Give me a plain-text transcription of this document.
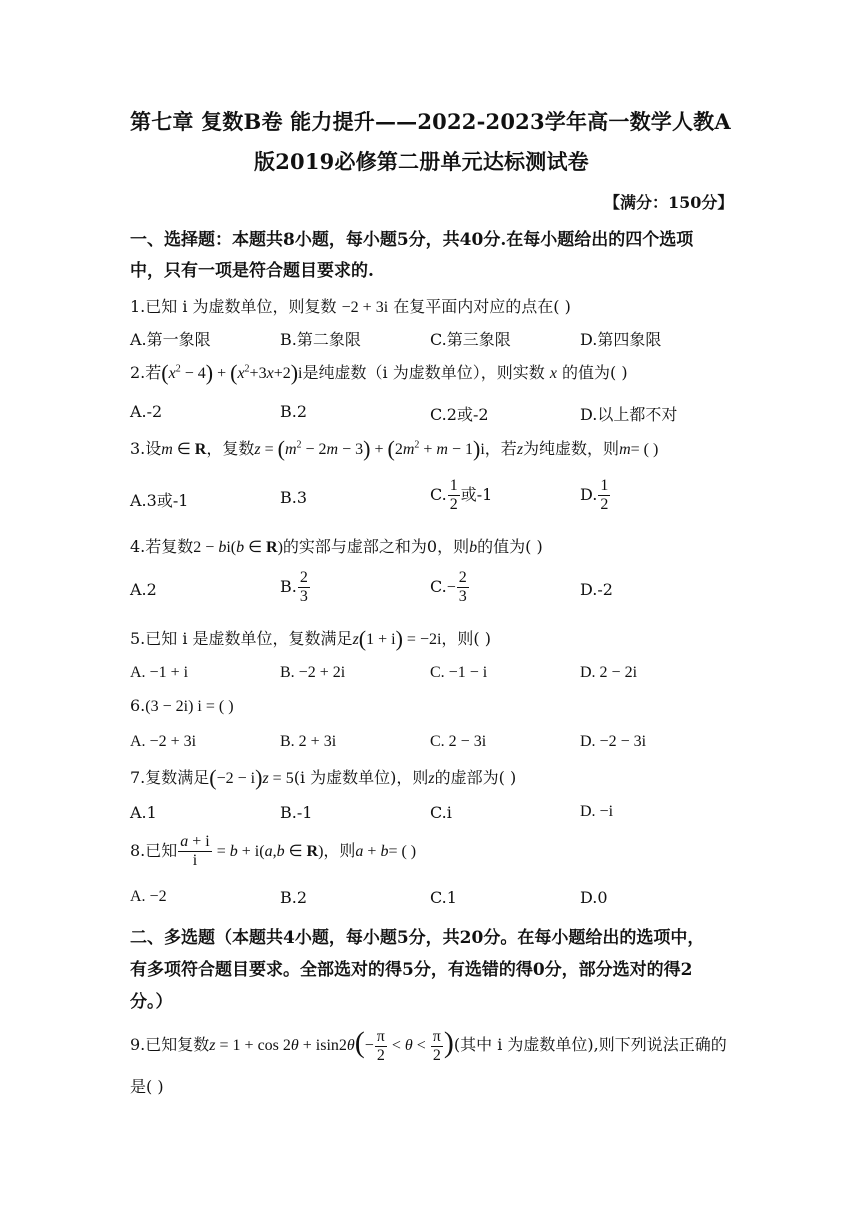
第七章 复数B卷 能力提升——2022-2023学年高一数学人教A
版2019必修第二册单元达标测试卷
【满分：150分】
一、选择题：本题共8小题，每小题5分，共40分.在每小题给出的四个选项
中，只有一项是符合题目要求的.
1.已知 i 为虚数单位，则复数 −2 + 3i 在复平面内对应的点在( )
A.第一象限	B.第二象限	C.第三象限	D.第四象限
2.若$(x^2 - 4) + (x^2+3x+2)i$是纯虚数（i 为虚数单位），则实数 x 的值为( )
A.-2	B.2	C.2或-2	D.以上都不对
3.设m ∈ R，复数$z = (m^2 - 2m - 3) + (2m^2 + m - 1)i$，若z为纯虚数，则m= ( )
A.3或-1	B.3	C. $\frac{1}{2}$ 或-1	D. $\frac{1}{2}$
4.若复数2 − bi(b ∈ R)的实部与虚部之和为0，则b的值为( )
A.2	B. $\frac{2}{3}$	$C.- \frac{2}{3}$	D.-2
5.已知 i 是虚数单位，复数满足z(1 + i) = −2i，则( )
A. −1 + i	B. −2 + 2i	C. −1 − i	D. 2 − 2i
6.(3 − 2i) i = ( )
A. −2 + 3i	B. 2 + 3i	C. 2 − 3i	D. −2 − 3i
7.复数满足(−2 − i)z = 5(i 为虚数单位)，则z的虚部为( )
A.1	B.-1	C.i	D. −i
8.已知 $\frac{a + i}{i} = b + i(a,b$ ∈ R)，则a + b= ( )
A. −2	B.2	C.1	D.0
二、多选题（本题共4小题，每小题5分，共20分。在每小题给出的选项中，
有多项符合题目要求。全部选对的得5分，有选错的得0分，部分选对的得2
分。）
9.已知复数$z = 1 + \cos 2\theta + isin2\theta(- \frac{\pi}{2} < \theta < \frac{\pi}{2}$ )(其中 i 为虚数单位),则下列说法正确的
是( )
